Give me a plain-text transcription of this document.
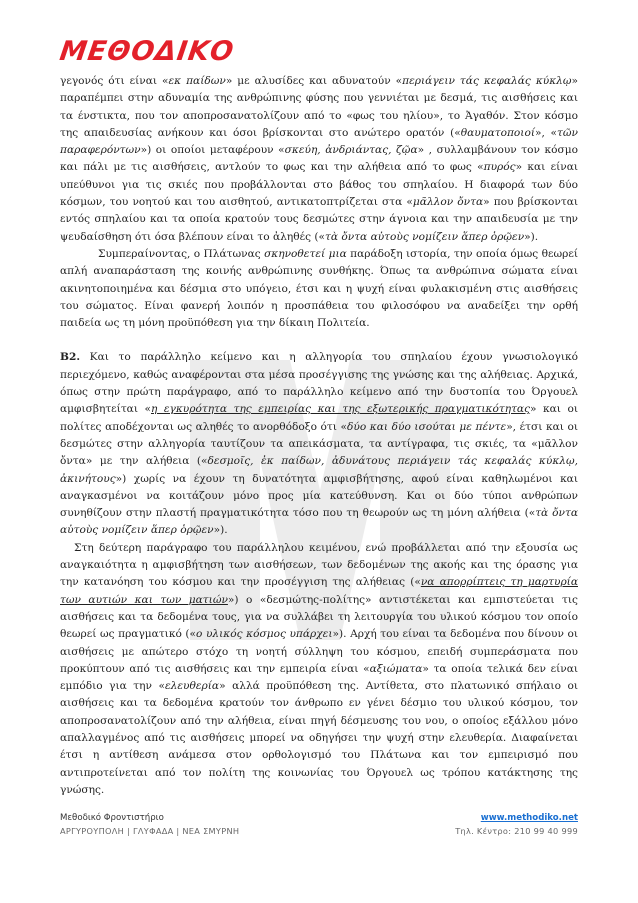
ΜΕΘΟΔΙΚΟ

γεγονός ότι είναι «εκ παίδων» με αλυσίδες και αδυνατούν «περιάγειν τάς κεφαλάς κύκλῳ» παραπέμπει στην αδυναμία της ανθρώπινης φύσης που γεννιέται με δεσμά, τις αισθήσεις και τα ένστικτα, που τον αποπροσανατολίζουν από το «φως του ηλίου», το Ἀγαθόν. Στον κόσμο της απαιδευσίας ανήκουν και όσοι βρίσκονται στο ανώτερο ορατόν («θαυματοποιοί», «τῶν παραφερόντων») οι οποίοι μεταφέρουν «σκεύη, ἀνδριάντας, ζῷα» , συλλαμβάνουν τον κόσμο και πάλι με τις αισθήσεις, αντλούν το φως και την αλήθεια από το φως «πυρός» και είναι υπεύθυνοι για τις σκιές που προβάλλονται στο βάθος του σπηλαίου. Η διαφορά των δύο κόσμων, του νοητού και του αισθητού, αντικατοπτρίζεται στα «μᾶλλον ὄντα» που βρίσκονται εντός σπηλαίου και τα οποία κρατούν τους δεσμώτες στην άγνοια και την απαιδευσία με την ψευδαίσθηση ότι όσα βλέπουν είναι το ἀληθές («τὰ ὄντα αὐτοὺς νομίζειν ἅπερ ὁρῷεν»).

Συμπεραίνοντας, ο Πλάτωνας σκηνοθετεί μια παράδοξη ιστορία, την οποία όμως θεωρεί απλή αναπαράσταση της κοινής ανθρώπινης συνθήκης. Όπως τα ανθρώπινα σώματα είναι ακινητοποιημένα και δέσμια στο υπόγειο, έτσι και η ψυχή είναι φυλακισμένη στις αισθήσεις του σώματος. Είναι φανερή λοιπόν η προσπάθεια του φιλοσόφου να αναδείξει την ορθή παιδεία ως τη μόνη προϋπόθεση για την δίκαιη Πολιτεία.

Β2. Και το παράλληλο κείμενο και η αλληγορία του σπηλαίου έχουν γνωσιολογικό περιεχόμενο, καθώς αναφέρονται στα μέσα προσέγγισης της γνώσης και της αλήθειας. Αρχικά, όπως στην πρώτη παράγραφο, από το παράλληλο κείμενο από την δυστοπία του Όργουελ αμφισβητείται «η εγκυρότητα της εμπειρίας και της εξωτερικής πραγματικότητας» και οι πολίτες αποδέχονται ως αληθές το ανορθόδοξο ότι «δύο και δύο ισούται με πέντε», έτσι και οι δεσμώτες στην αλληγορία ταυτίζουν τα απεικάσματα, τα αντίγραφα, τις σκιές, τα «μᾶλλον ὄντα» με την αλήθεια («δεσμοῖς, ἐκ παίδων, ἀδυνάτους περιάγειν τάς κεφαλάς κύκλῳ, ἀκινήτους») χωρίς να έχουν τη δυνατότητα αμφισβήτησης, αφού είναι καθηλωμένοι και αναγκασμένοι να κοιτάζουν μόνο προς μία κατεύθυνση. Και οι δύο τύποι ανθρώπων συνηθίζουν στην πλαστή πραγματικότητα τόσο που τη θεωρούν ως τη μόνη αλήθεια («τὰ ὄντα αὐτοὺς νομίζειν ἅπερ ὁρῷεν»).

Στη δεύτερη παράγραφο του παράλληλου κειμένου, ενώ προβάλλεται από την εξουσία ως αναγκαιότητα η αμφισβήτηση των αισθήσεων, των δεδομένων της ακοής και της όρασης για την κατανόηση του κόσμου και την προσέγγιση της αλήθειας («να απορρίπτεις τη μαρτυρία των αυτιών και των ματιών») ο «δεσμώτης-πολίτης» αντιστέκεται και εμπιστεύεται τις αισθήσεις και τα δεδομένα τους, για να συλλάβει τη λειτουργία του υλικού κόσμου τον οποίο θεωρεί ως πραγματικό («ο υλικός κόσμος υπάρχει»). Αρχή του είναι τα δεδομένα που δίνουν οι αισθήσεις με απώτερο στόχο τη νοητή σύλληψη του κόσμου, επειδή συμπεράσματα που προκύπτουν από τις αισθήσεις και την εμπειρία είναι «αξιώματα» τα οποία τελικά δεν είναι εμπόδιο για την «ελευθερία» αλλά προϋπόθεση της. Αντίθετα, στο πλατωνικό σπήλαιο οι αισθήσεις και τα δεδομένα κρατούν τον άνθρωπο εν γένει δέσμιο του υλικού κόσμου, τον αποπροσανατολίζουν από την αλήθεια, είναι πηγή δέσμευσης του νου, ο οποίος εξάλλου μόνο απαλλαγμένος από τις αισθήσεις μπορεί να οδηγήσει την ψυχή στην ελευθερία. Διαφαίνεται έτσι η αντίθεση ανάμεσα στον ορθολογισμό του Πλάτωνα και τον εμπειρισμό που αντιπροτείνεται από τον πολίτη της κοινωνίας του Όργουελ ως τρόπου κατάκτησης της γνώσης.

Μεθοδικό Φροντιστήριο	www.methodiko.net
ΑΡΓΥΡΟΥΠΟΛΗ | ΓΛΥΦΑΔΑ | ΝΕΑ ΣΜΥΡΝΗ	Τηλ. Κέντρο: 210 99 40 999
